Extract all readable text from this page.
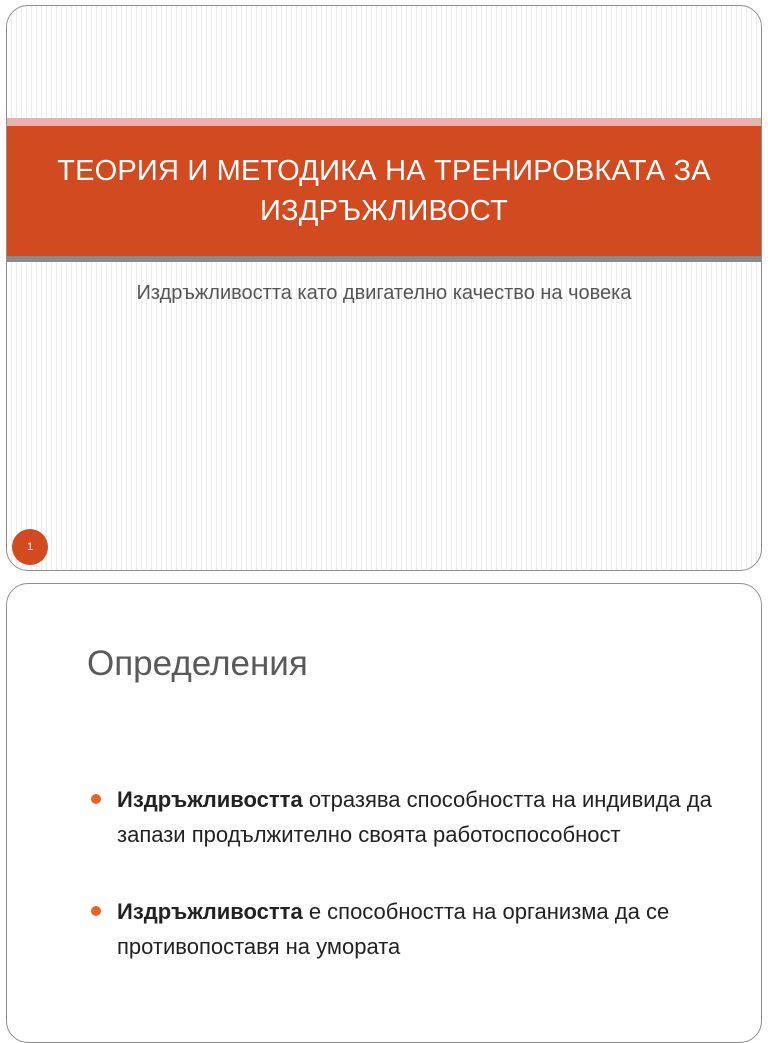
ТЕОРИЯ И МЕТОДИКА НА ТРЕНИРОВКАТА ЗА ИЗДРЪЖЛИВОСТ
Издръжливостта като двигателно качество на човека
1
Определения
Издръжливостта отразява способността на индивида да запази продължително своята работоспособност
Издръжливостта е способността на организма да се противопоставя на умората
